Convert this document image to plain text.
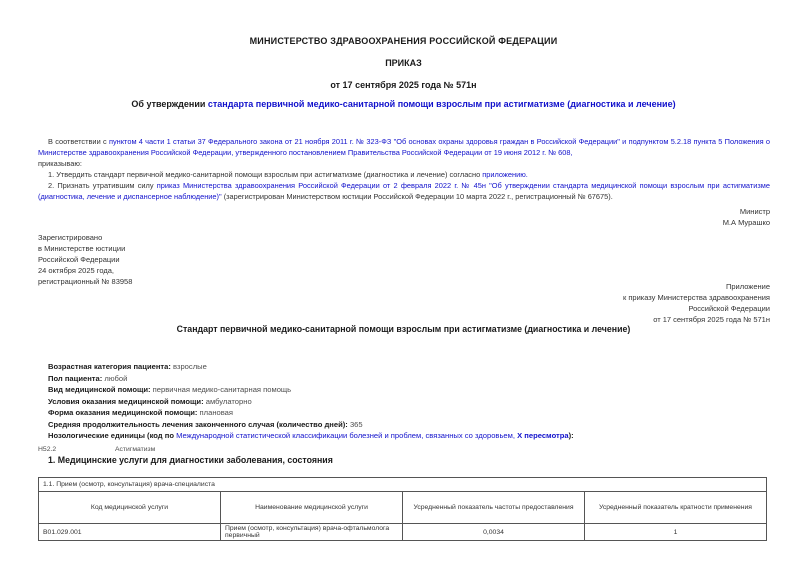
МИНИСТЕРСТВО ЗДРАВООХРАНЕНИЯ РОССИЙСКОЙ ФЕДЕРАЦИИ
ПРИКАЗ
от 17 сентября 2025 года № 571н
Об утверждении стандарта первичной медико-санитарной помощи взрослым при астигматизме (диагностика и лечение)

В соответствии с пунктом 4 части 1 статьи 37 Федерального закона от 21 ноября 2011 г. № 323-ФЗ "Об основах охраны здоровья граждан в Российской Федерации" и подпунктом 5.2.18 пункта 5 Положения о Министерстве здравоохранения Российской Федерации, утвержденного постановлением Правительства Российской Федерации от 19 июня 2012 г. № 608,

приказываю:

1. Утвердить стандарт первичной медико-санитарной помощи взрослым при астигматизме (диагностика и лечение) согласно приложению.

2. Признать утратившим силу приказ Министерства здравоохранения Российской Федерации от 2 февраля 2022 г. № 45н "Об утверждении стандарта медицинской помощи взрослым при астигматизме (диагностика, лечение и диспансерное наблюдение)" (зарегистрирован Министерством юстиции Российской Федерации 10 марта 2022 г., регистрационный № 67675).

Министр
М.А Мурашко
Зарегистрировано
в Министерстве юстиции
Российской Федерации
24 октября 2025 года,
регистрационный № 83958
Приложение
к приказу Министерства здравоохранения
Российской Федерации
от 17 сентября 2025 года № 571н
Стандарт первичной медико-санитарной помощи взрослым при астигматизме (диагностика и лечение)
Возрастная категория пациента: взрослые
Пол пациента: любой
Вид медицинской помощи: первичная медико-санитарная помощь
Условия оказания медицинской помощи: амбулаторно
Форма оказания медицинской помощи: плановая
Средняя продолжительность лечения законченного случая (количество дней): 365
Нозологические единицы (код по Международной статистической классификации болезней и проблем, связанных со здоровьем, X пересмотра):
H52.2	Астигматизм
1. Медицинские услуги для диагностики заболевания, состояния
1.1. Прием (осмотр, консультация) врача-специалиста			
Код медицинской услуги	Наименование медицинской услуги	Усредненный показатель частоты предоставления	Усредненный показатель кратности применения
B01.029.001	Прием (осмотр, консультация) врача-офтальмолога первичный	0,0034	1
